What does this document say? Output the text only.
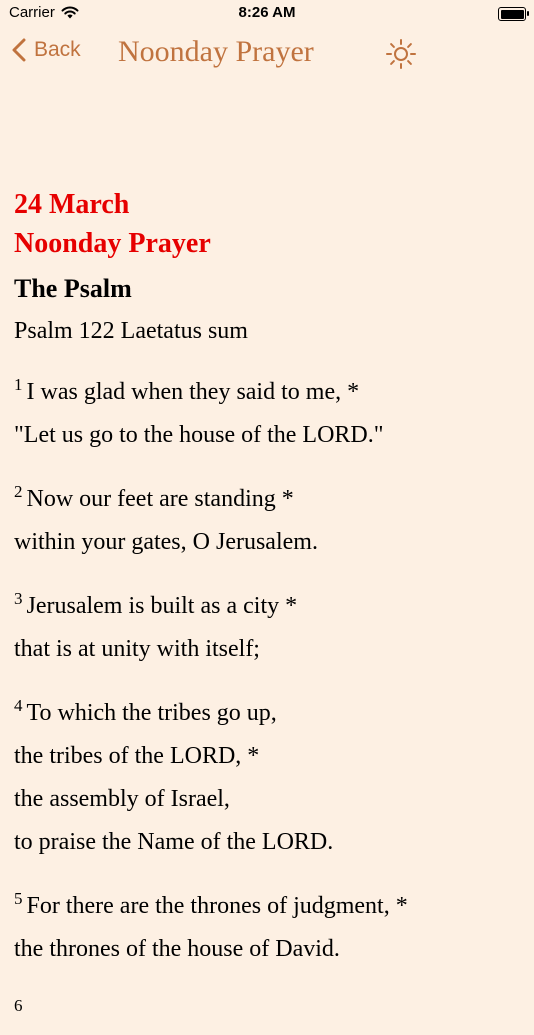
Carrier	8:26 AM
Back Noonday Prayer
24 March
Noonday Prayer
The Psalm
Psalm 122 Laetatus sum
$^1$ I was glad when they said to me, *
"Let us go to the house of the LORD."
$^2$ Now our feet are standing *
within your gates, O Jerusalem.
$^3$ Jerusalem is built as a city *
that is at unity with itself;
$^4$ To which the tribes go up,
the tribes of the LORD, *
the assembly of Israel,
to praise the Name of the LORD.
$^5$ For there are the thrones of judgment, *
the thrones of the house of David.
$^6$
